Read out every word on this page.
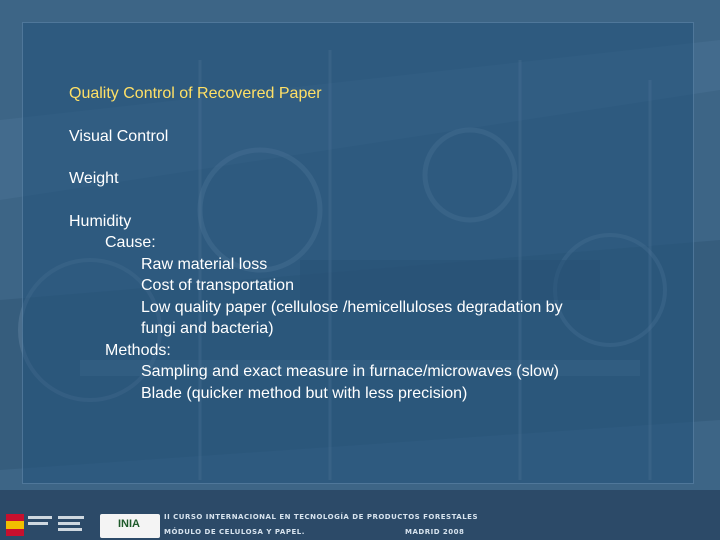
Quality Control of Recovered Paper
Visual Control
Weight
Humidity
Cause:
Raw material loss
Cost of transportation
Low quality paper (cellulose /hemicelluloses degradation by
fungi and bacteria)
Methods:
Sampling and exact measure in furnace/microwaves (slow)
Blade (quicker method but with less precision)
INIA
II CURSO INTERNACIONAL EN TECNOLOGÍA DE PRODUCTOS FORESTALES
MÓDULO DE CELULOSA Y PAPEL.	MADRID 2008
